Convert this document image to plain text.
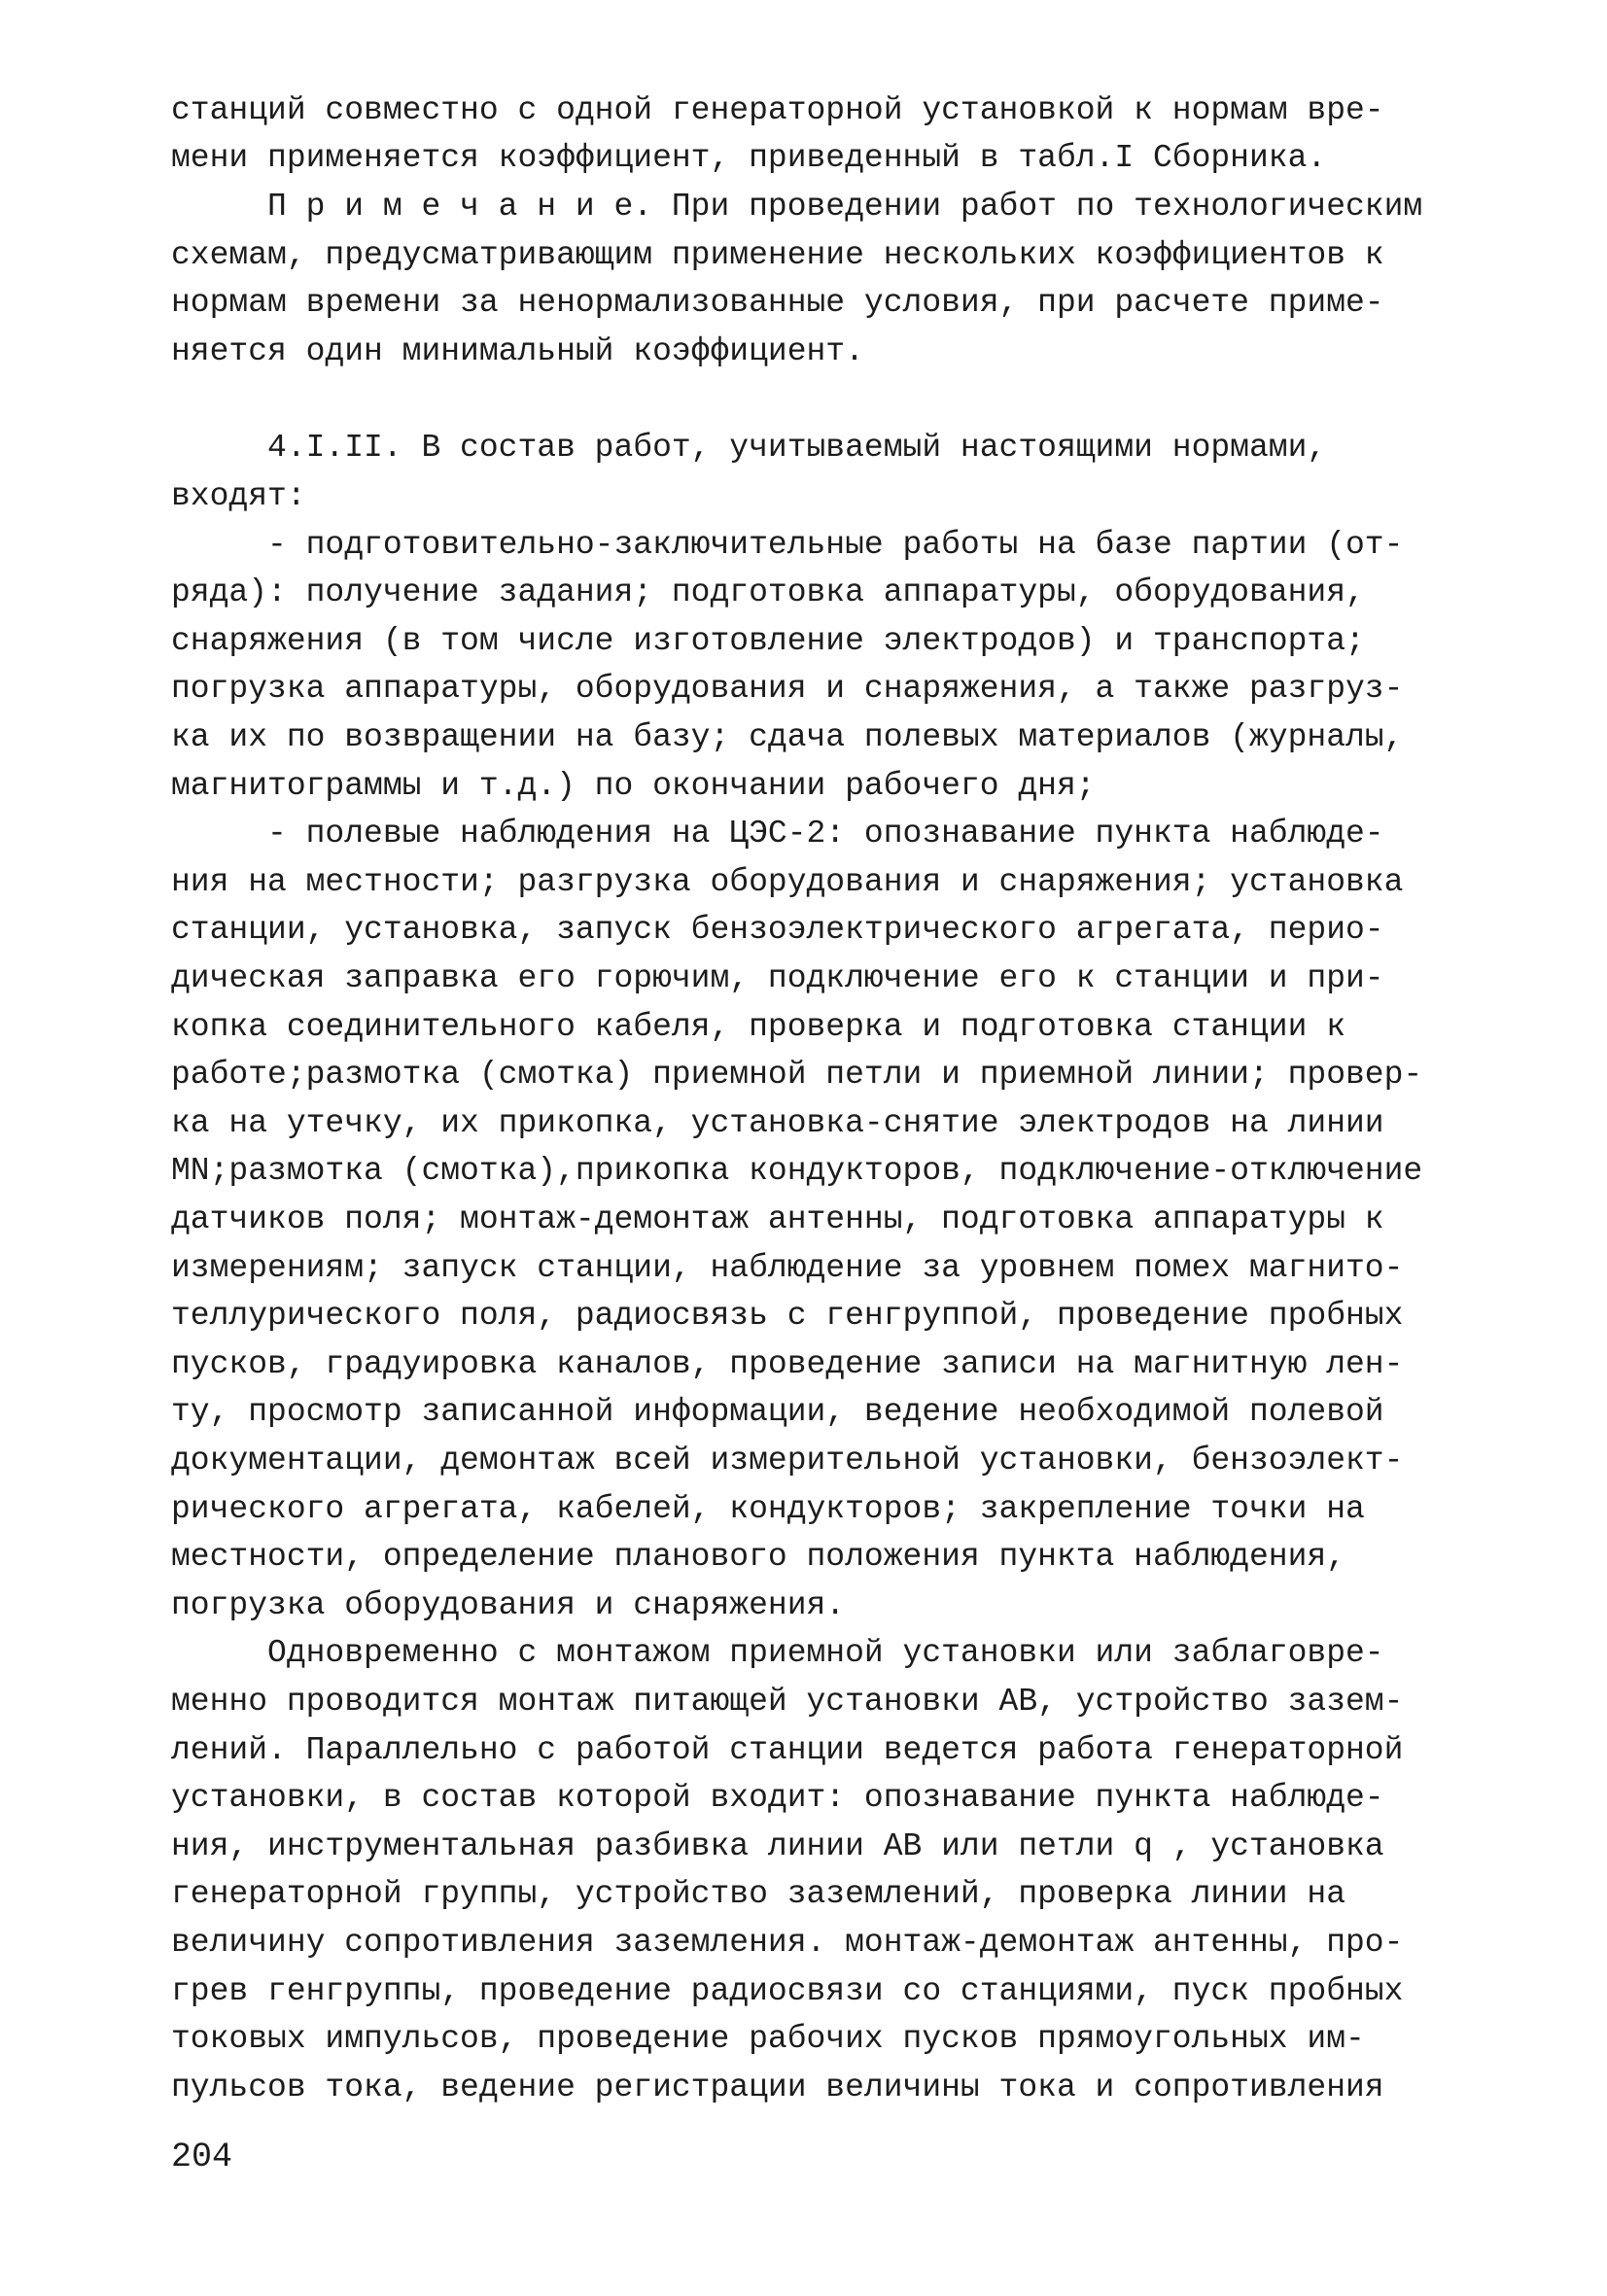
станций совместно с одной генераторной установкой к нормам вре-

мени применяется коэффициент, приведенный в табл.I Сборника.

П р и м е ч а н и е. При проведении работ по технологическим

схемам, предусматривающим применение нескольких коэффициентов к

нормам времени за ненормализованные условия, при расчете приме-

няется один минимальный коэффициент.

4.I.II. В состав работ, учитываемый настоящими нормами,

входят:

- подготовительно-заключительные работы на базе партии (от-

ряда): получение задания; подготовка аппаратуры, оборудования,

снаряжения (в том числе изготовление электродов) и транспорта;

погрузка аппаратуры, оборудования и снаряжения, а также разгруз-

ка их по возвращении на базу; сдача полевых материалов (журналы,

магнитограммы и т.д.) по окончании рабочего дня;

- полевые наблюдения на ЦЭС-2: опознавание пункта наблюде-

ния на местности; разгрузка оборудования и снаряжения; установка

станции, установка, запуск бензоэлектрического агрегата, перио-

дическая заправка его горючим, подключение его к станции и при-

копка соединительного кабеля, проверка и подготовка станции к

работе;размотка (смотка) приемной петли и приемной линии; провер-

ка на утечку, их прикопка, установка-снятие электродов на линии

MN;размотка (смотка),прикопка кондукторов, подключение-отключение

датчиков поля; монтаж-демонтаж антенны, подготовка аппаратуры к

измерениям; запуск станции, наблюдение за уровнем помех магнито-

теллурического поля, радиосвязь с генгруппой, проведение пробных

пусков, градуировка каналов, проведение записи на магнитную лен-

ту, просмотр записанной информации, ведение необходимой полевой

документации, демонтаж всей измерительной установки, бензоэлект-

рического агрегата, кабелей, кондукторов; закрепление точки на

местности, определение планового положения пункта наблюдения,

погрузка оборудования и снаряжения.

Одновременно с монтажом приемной установки или заблаговре-

менно проводится монтаж питающей установки АВ, устройство зазем-

лений. Параллельно с работой станции ведется работа генераторной

установки, в состав которой входит: опознавание пункта наблюде-

ния, инструментальная разбивка линии АВ или петли q , установка

генераторной группы, устройство заземлений, проверка линии на

величину сопротивления заземления. монтаж-демонтаж антенны, про-

грев генгруппы, проведение радиосвязи со станциями, пуск пробных

токовых импульсов, проведение рабочих пусков прямоугольных им-

пульсов тока, ведение регистрации величины тока и сопротивления

204
